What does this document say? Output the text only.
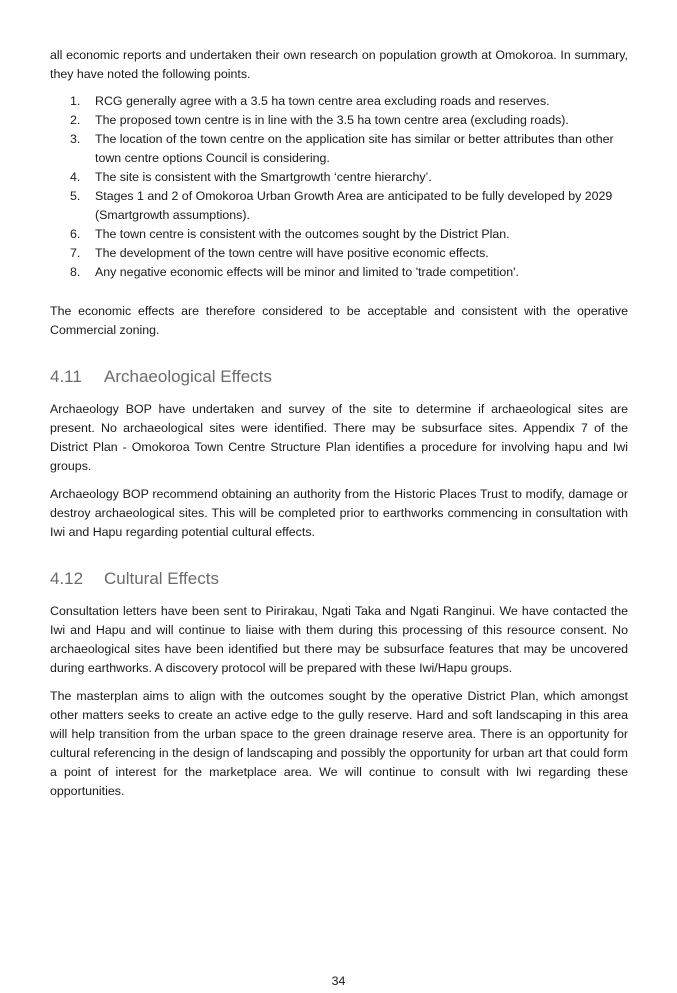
all economic reports and undertaken their own research on population growth at Omokoroa. In summary, they have noted the following points.

1. RCG generally agree with a 3.5 ha town centre area excluding roads and reserves.
2. The proposed town centre is in line with the 3.5 ha town centre area (excluding roads).
3. The location of the town centre on the application site has similar or better attributes than other town centre options Council is considering.
4. The site is consistent with the Smartgrowth ‘centre hierarchy’.
5. Stages 1 and 2 of Omokoroa Urban Growth Area are anticipated to be fully developed by 2029 (Smartgrowth assumptions).
6. The town centre is consistent with the outcomes sought by the District Plan.
7. The development of the town centre will have positive economic effects.
8. Any negative economic effects will be minor and limited to 'trade competition'.

The economic effects are therefore considered to be acceptable and consistent with the operative Commercial zoning.

4.11 Archaeological Effects

Archaeology BOP have undertaken and survey of the site to determine if archaeological sites are present. No archaeological sites were identified. There may be subsurface sites. Appendix 7 of the District Plan - Omokoroa Town Centre Structure Plan identifies a procedure for involving hapu and Iwi groups.

Archaeology BOP recommend obtaining an authority from the Historic Places Trust to modify, damage or destroy archaeological sites. This will be completed prior to earthworks commencing in consultation with Iwi and Hapu regarding potential cultural effects.

4.12 Cultural Effects

Consultation letters have been sent to Pirirakau, Ngati Taka and Ngati Ranginui. We have contacted the Iwi and Hapu and will continue to liaise with them during this processing of this resource consent. No archaeological sites have been identified but there may be subsurface features that may be uncovered during earthworks. A discovery protocol will be prepared with these Iwi/Hapu groups.

The masterplan aims to align with the outcomes sought by the operative District Plan, which amongst other matters seeks to create an active edge to the gully reserve. Hard and soft landscaping in this area will help transition from the urban space to the green drainage reserve area. There is an opportunity for cultural referencing in the design of landscaping and possibly the opportunity for urban art that could form a point of interest for the marketplace area. We will continue to consult with Iwi regarding these opportunities.

34
